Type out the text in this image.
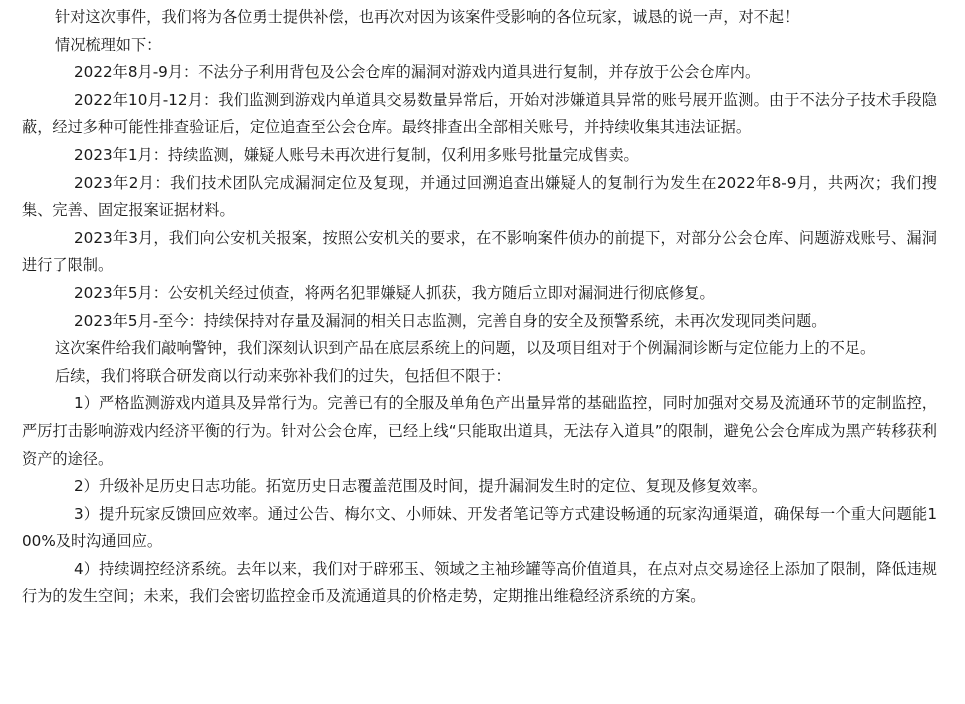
针对这次事件，我们将为各位勇士提供补偿，也再次对因为该案件受影响的各位玩家，诚恳的说一声，对不起！

情况梳理如下：

2022年8月-9月：不法分子利用背包及公会仓库的漏洞对游戏内道具进行复制，并存放于公会仓库内。

2022年10月-12月：我们监测到游戏内单道具交易数量异常后，开始对涉嫌道具异常的账号展开监测。由于不法分子技术手段隐蔽，经过多种可能性排查验证后，定位追查至公会仓库。最终排查出全部相关账号，并持续收集其违法证据。

2023年1月：持续监测，嫌疑人账号未再次进行复制，仅利用多账号批量完成售卖。

2023年2月：我们技术团队完成漏洞定位及复现，并通过回溯追查出嫌疑人的复制行为发生在2022年8-9月，共两次；我们搜集、完善、固定报案证据材料。

2023年3月，我们向公安机关报案，按照公安机关的要求，在不影响案件侦办的前提下，对部分公会仓库、问题游戏账号、漏洞进行了限制。

2023年5月：公安机关经过侦查，将两名犯罪嫌疑人抓获，我方随后立即对漏洞进行彻底修复。

2023年5月-至今：持续保持对存量及漏洞的相关日志监测，完善自身的安全及预警系统，未再次发现同类问题。

这次案件给我们敲响警钟，我们深刻认识到产品在底层系统上的问题，以及项目组对于个例漏洞诊断与定位能力上的不足。

后续，我们将联合研发商以行动来弥补我们的过失，包括但不限于：

1）严格监测游戏内道具及异常行为。完善已有的全服及单角色产出量异常的基础监控，同时加强对交易及流通环节的定制监控，严厉打击影响游戏内经济平衡的行为。针对公会仓库，已经上线“只能取出道具，无法存入道具”的限制，避免公会仓库成为黑产转移获利资产的途径。

2）升级补足历史日志功能。拓宽历史日志覆盖范围及时间，提升漏洞发生时的定位、复现及修复效率。

3）提升玩家反馈回应效率。通过公告、梅尔文、小师妹、开发者笔记等方式建设畅通的玩家沟通渠道，确保每一个重大问题能100%及时沟通回应。

4）持续调控经济系统。去年以来，我们对于辟邪玉、领域之主袖珍罐等高价值道具，在点对点交易途径上添加了限制，降低违规行为的发生空间；未来，我们会密切监控金币及流通道具的价格走势，定期推出维稳经济系统的方案。
